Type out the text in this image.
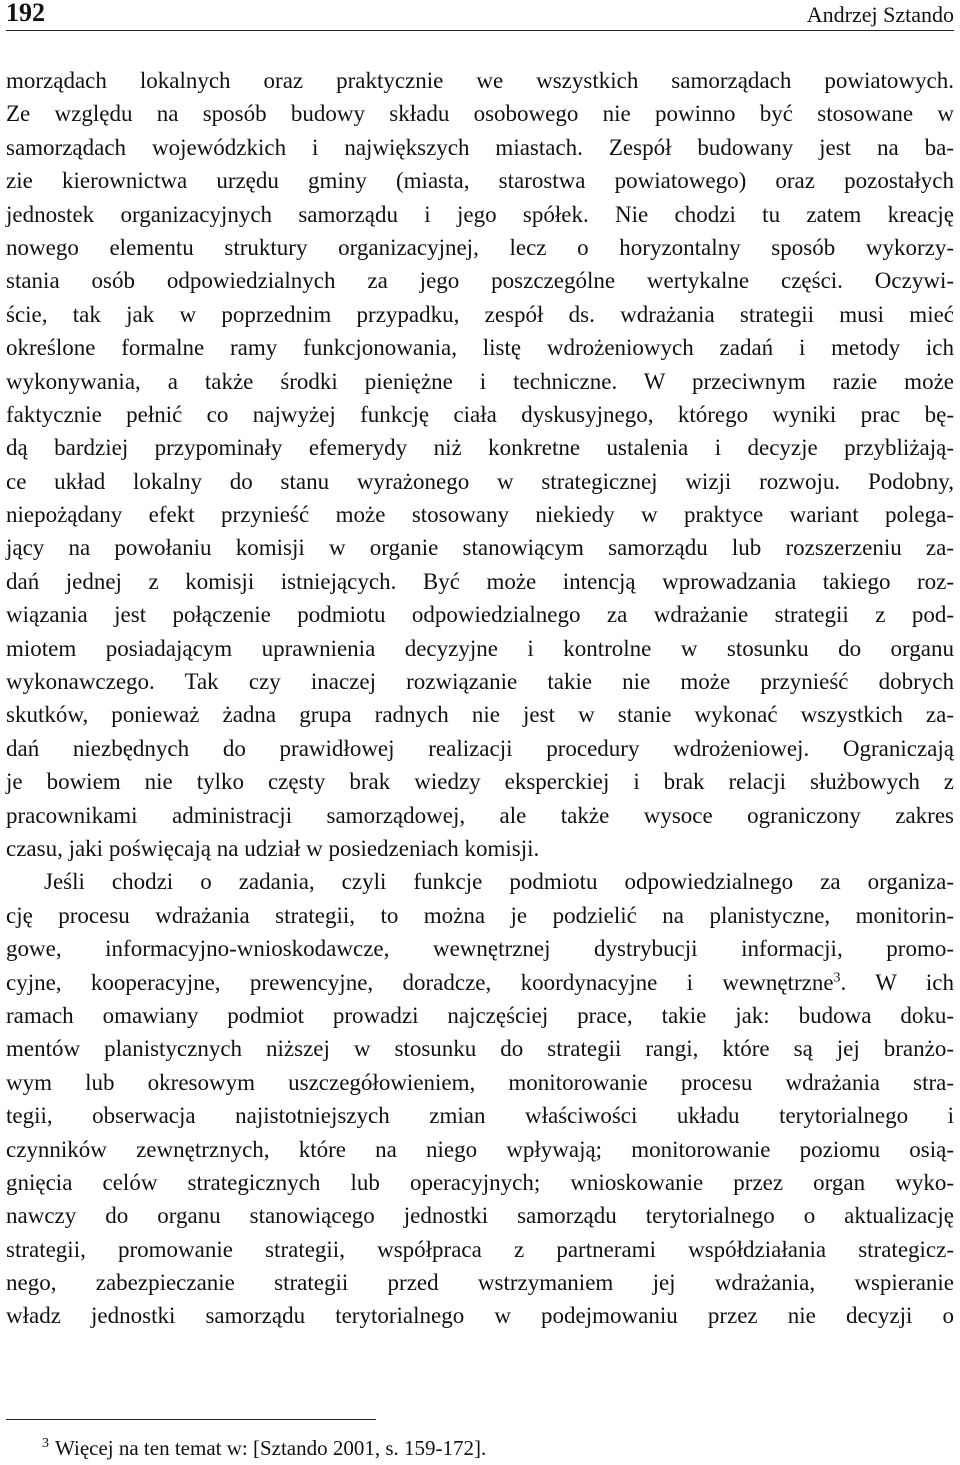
192	Andrzej Sztando
morządach lokalnych oraz praktycznie we wszystkich samorządach powiatowych.
Ze względu na sposób budowy składu osobowego nie powinno być stosowane w
samorządach wojewódzkich i największych miastach. Zespół budowany jest na ba-
zie kierownictwa urzędu gminy (miasta, starostwa powiatowego) oraz pozostałych
jednostek organizacyjnych samorządu i jego spółek. Nie chodzi tu zatem kreację
nowego elementu struktury organizacyjnej, lecz o horyzontalny sposób wykorzy-
stania osób odpowiedzialnych za jego poszczególne wertykalne części. Oczywi-
ście, tak jak w poprzednim przypadku, zespół ds. wdrażania strategii musi mieć
określone formalne ramy funkcjonowania, listę wdrożeniowych zadań i metody ich
wykonywania, a także środki pieniężne i techniczne. W przeciwnym razie może
faktycznie pełnić co najwyżej funkcję ciała dyskusyjnego, którego wyniki prac bę-
dą bardziej przypominały efemerydy niż konkretne ustalenia i decyzje przybliżają-
ce układ lokalny do stanu wyrażonego w strategicznej wizji rozwoju. Podobny,
niepożądany efekt przynieść może stosowany niekiedy w praktyce wariant polega-
jący na powołaniu komisji w organie stanowiącym samorządu lub rozszerzeniu za-
dań jednej z komisji istniejących. Być może intencją wprowadzania takiego roz-
wiązania jest połączenie podmiotu odpowiedzialnego za wdrażanie strategii z pod-
miotem posiadającym uprawnienia decyzyjne i kontrolne w stosunku do organu
wykonawczego. Tak czy inaczej rozwiązanie takie nie może przynieść dobrych
skutków, ponieważ żadna grupa radnych nie jest w stanie wykonać wszystkich za-
dań niezbędnych do prawidłowej realizacji procedury wdrożeniowej. Ograniczają
je bowiem nie tylko częsty brak wiedzy eksperckiej i brak relacji służbowych z
pracownikami administracji samorządowej, ale także wysoce ograniczony zakres
czasu, jaki poświęcają na udział w posiedzeniach komisji.
Jeśli chodzi o zadania, czyli funkcje podmiotu odpowiedzialnego za organiza-
cję procesu wdrażania strategii, to można je podzielić na planistyczne, monitorin-
gowe, informacyjno-wnioskodawcze, wewnętrznej dystrybucji informacji, promo-
cyjne, kooperacyjne, prewencyjne, doradcze, koordynacyjne i wewnętrzne$^3$. W ich
ramach omawiany podmiot prowadzi najczęściej prace, takie jak: budowa doku-
mentów planistycznych niższej w stosunku do strategii rangi, które są jej branżo-
wym lub okresowym uszczegółowieniem, monitorowanie procesu wdrażania stra-
tegii, obserwacja najistotniejszych zmian właściwości układu terytorialnego i
czynników zewnętrznych, które na niego wpływają; monitorowanie poziomu osią-
gnięcia celów strategicznych lub operacyjnych; wnioskowanie przez organ wyko-
nawczy do organu stanowiącego jednostki samorządu terytorialnego o aktualizację
strategii, promowanie strategii, współpraca z partnerami współdziałania strategicz-
nego, zabezpieczanie strategii przed wstrzymaniem jej wdrażania, wspieranie
władz jednostki samorządu terytorialnego w podejmowaniu przez nie decyzji o
$^3$ Więcej na ten temat w: [Sztando 2001, s. 159-172].
